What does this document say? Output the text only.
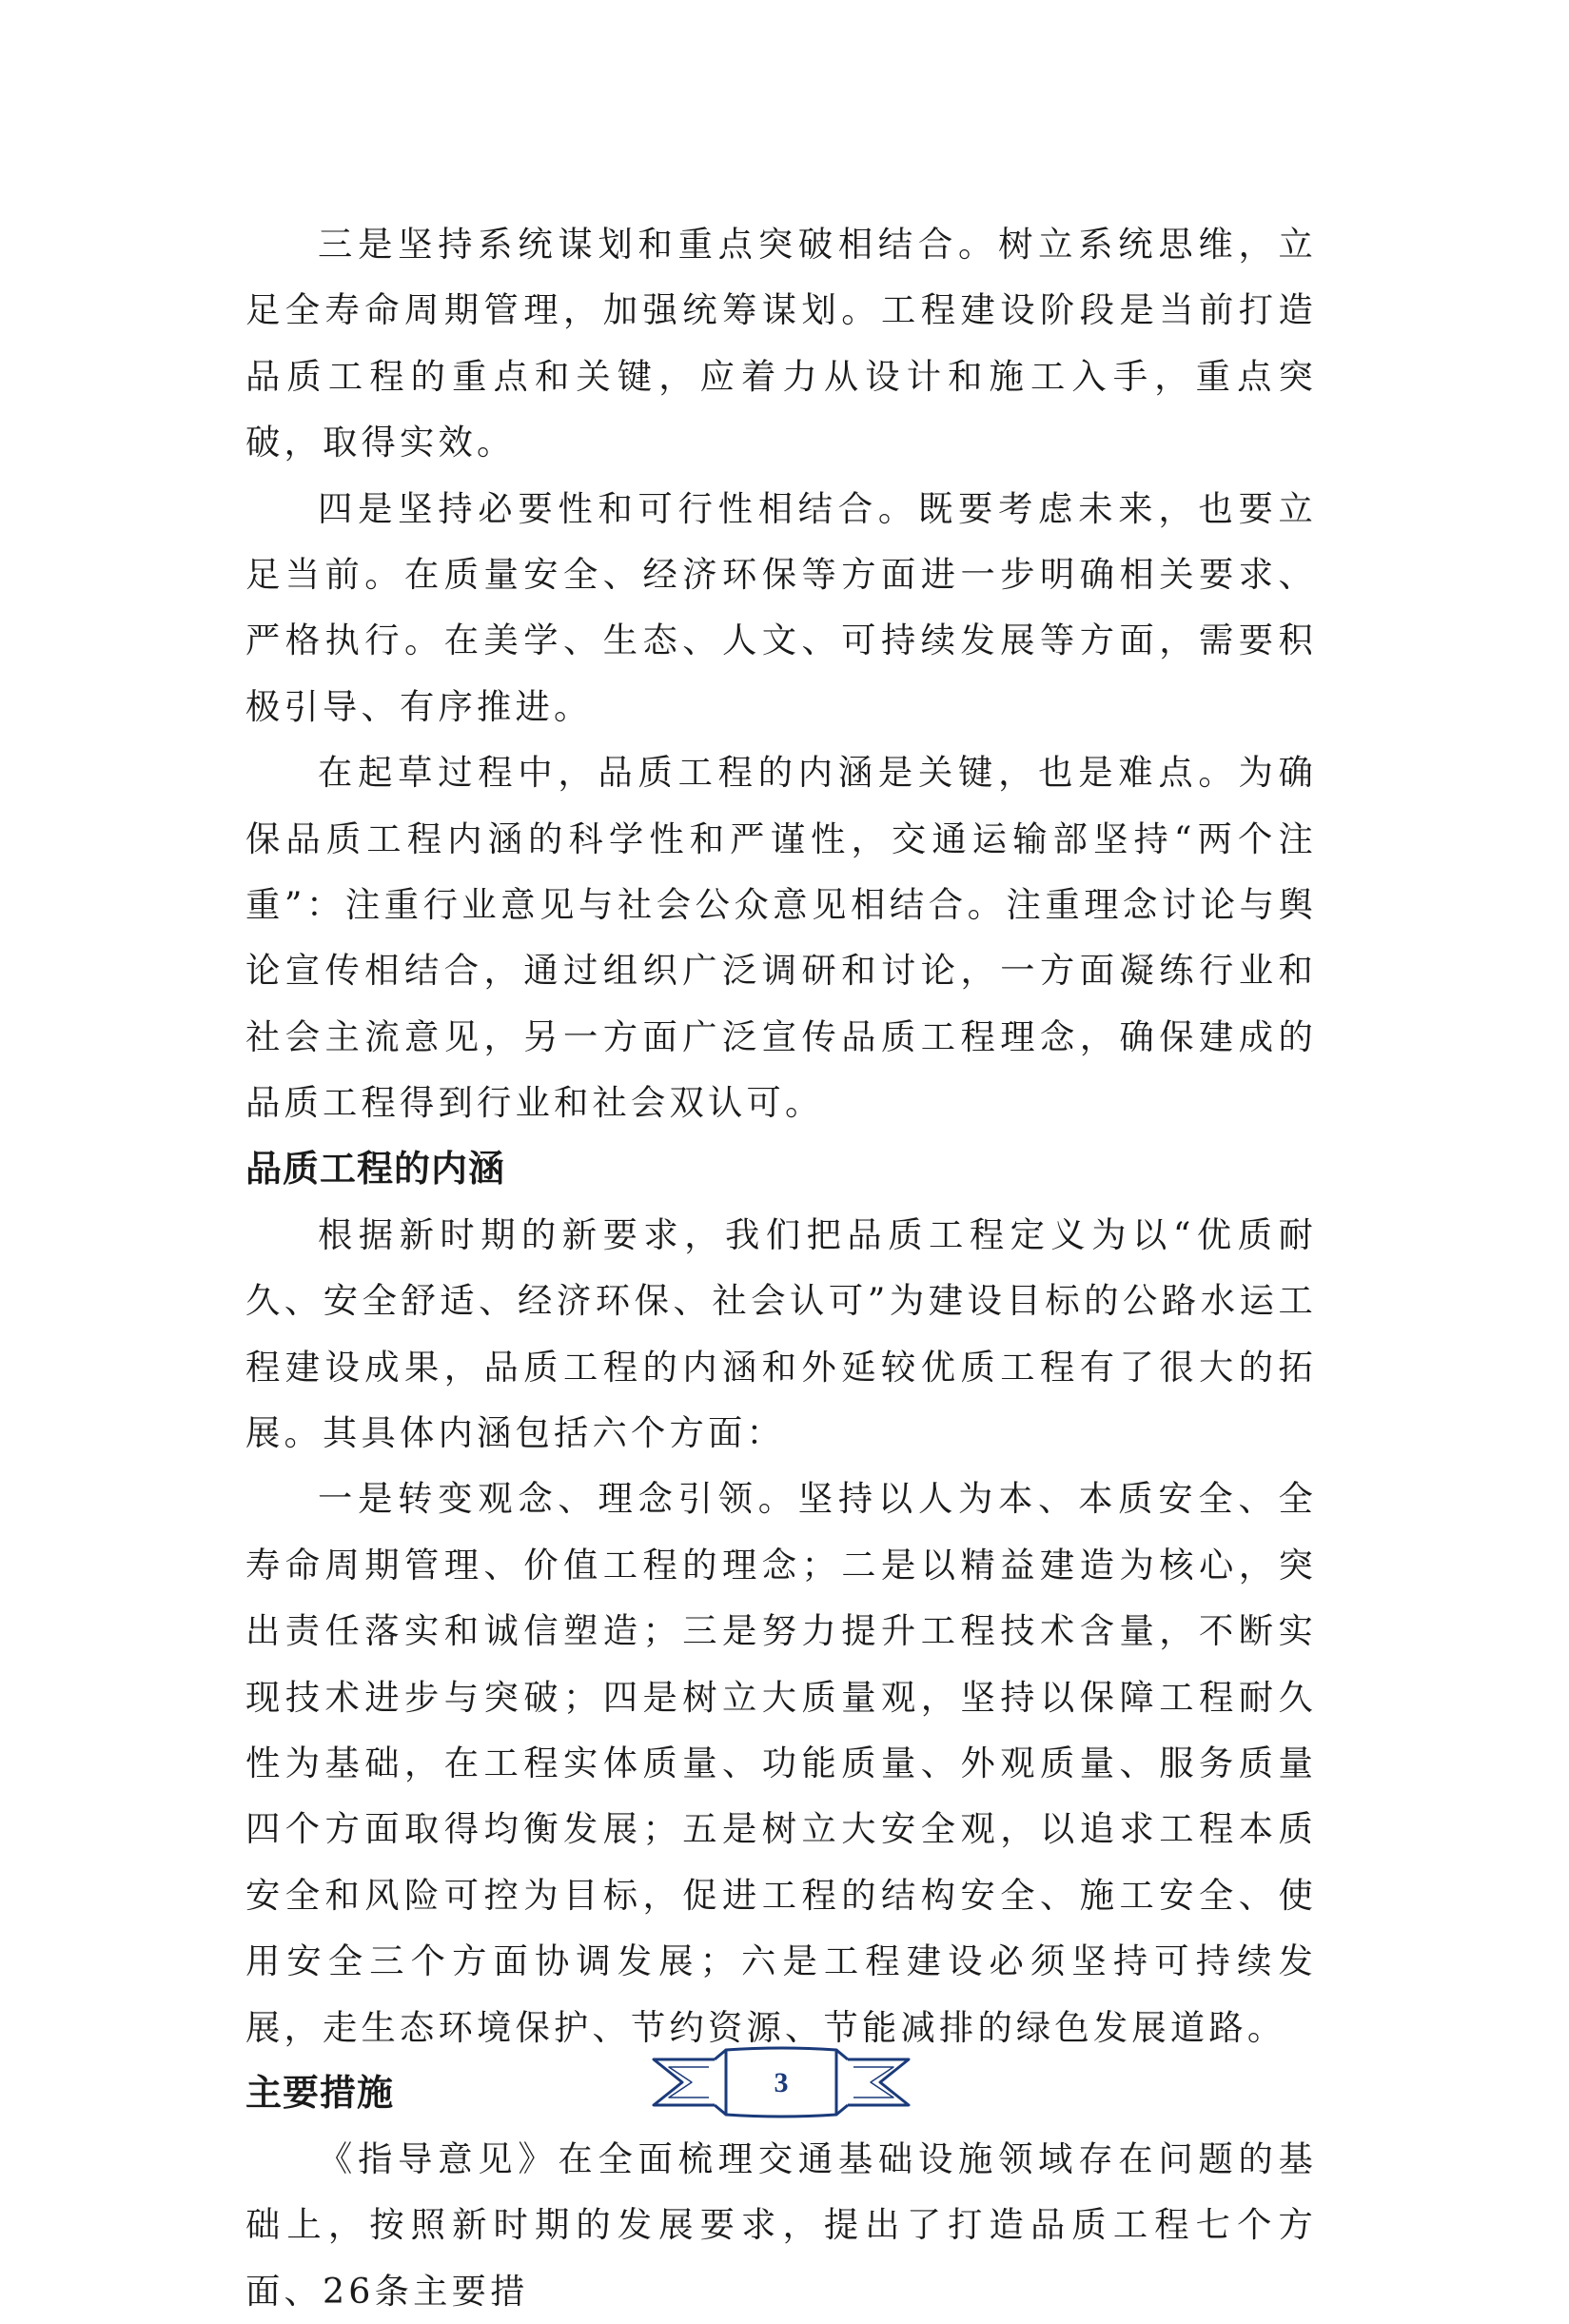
三是坚持系统谋划和重点突破相结合。树立系统思维，立足全寿命周期管理，加强统筹谋划。工程建设阶段是当前打造品质工程的重点和关键，应着力从设计和施工入手，重点突破，取得实效。

四是坚持必要性和可行性相结合。既要考虑未来，也要立足当前。在质量安全、经济环保等方面进一步明确相关要求、严格执行。在美学、生态、人文、可持续发展等方面，需要积极引导、有序推进。

在起草过程中，品质工程的内涵是关键，也是难点。为确保品质工程内涵的科学性和严谨性，交通运输部坚持“两个注重”：注重行业意见与社会公众意见相结合。注重理念讨论与舆论宣传相结合，通过组织广泛调研和讨论，一方面凝练行业和社会主流意见，另一方面广泛宣传品质工程理念，确保建成的品质工程得到行业和社会双认可。

品质工程的内涵

根据新时期的新要求，我们把品质工程定义为以“优质耐久、安全舒适、经济环保、社会认可”为建设目标的公路水运工程建设成果，品质工程的内涵和外延较优质工程有了很大的拓展。其具体内涵包括六个方面：

一是转变观念、理念引领。坚持以人为本、本质安全、全寿命周期管理、价值工程的理念；二是以精益建造为核心，突出责任落实和诚信塑造；三是努力提升工程技术含量，不断实现技术进步与突破；四是树立大质量观，坚持以保障工程耐久性为基础，在工程实体质量、功能质量、外观质量、服务质量四个方面取得均衡发展；五是树立大安全观，以追求工程本质安全和风险可控为目标，促进工程的结构安全、施工安全、使用安全三个方面协调发展；六是工程建设必须坚持可持续发展，走生态环境保护、节约资源、节能减排的绿色发展道路。

主要措施

《指导意见》在全面梳理交通基础设施领域存在问题的基础上，按照新时期的发展要求，提出了打造品质工程七个方面、26条主要措

3
